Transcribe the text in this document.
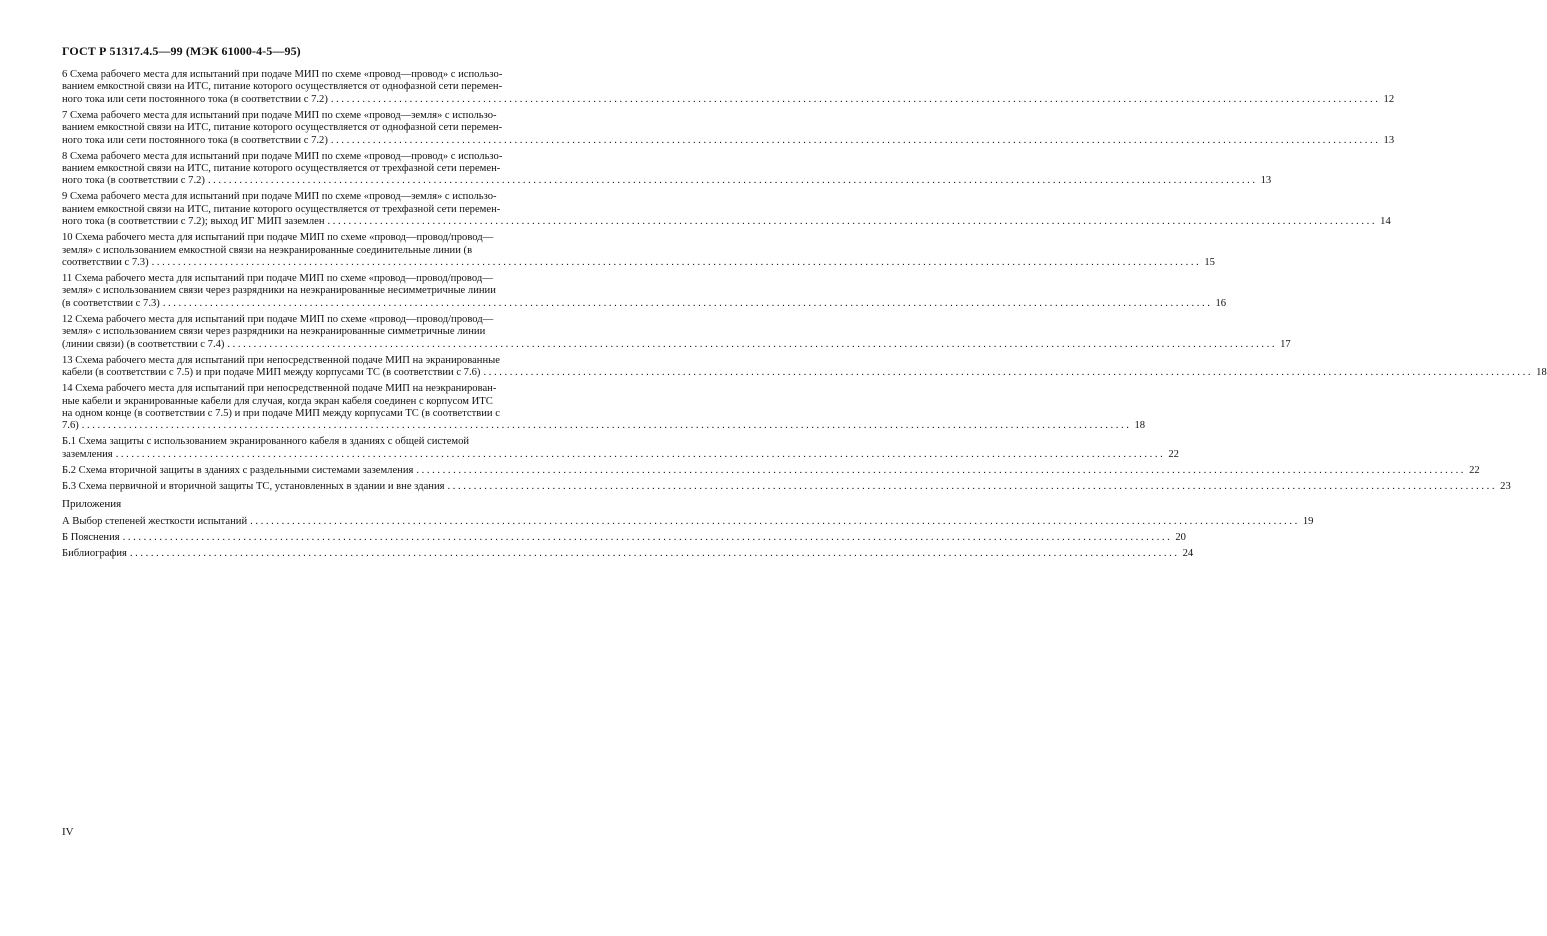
ГОСТ Р 51317.4.5—99 (МЭК 61000-4-5—95)
6 Схема рабочего места для испытаний при подаче МИП по схеме «провод—провод» с использо-
ванием емкостной связи на ИТС, питание которого осуществляется от однофазной сети перемен-
ного тока или сети постоянного тока (в соответствии с 7.2) ........................................................................................................................................................................................................ 12
7 Схема рабочего места для испытаний при подаче МИП по схеме «провод—земля» с использо-
ванием емкостной связи на ИТС, питание которого осуществляется от однофазной сети перемен-
ного тока или сети постоянного тока (в соответствии с 7.2) ........................................................................................................................................................................................................ 13
8 Схема рабочего места для испытаний при подаче МИП по схеме «провод—провод» с использо-
ванием емкостной связи на ИТС, питание которого осуществляется от трехфазной сети перемен-
ного тока (в соответствии с 7.2) ........................................................................................................................................................................................................ 13
9 Схема рабочего места для испытаний при подаче МИП по схеме «провод—земля» с использо-
ванием емкостной связи на ИТС, питание которого осуществляется от трехфазной сети перемен-
ного тока (в соответствии с 7.2); выход ИГ МИП заземлен ........................................................................................................................................................................................................ 14
10 Схема рабочего места для испытаний при подаче МИП по схеме «провод—провод/провод—
земля» с использованием емкостной связи на неэкранированные соединительные линии (в
соответствии с 7.3) ........................................................................................................................................................................................................ 15
11 Схема рабочего места для испытаний при подаче МИП по схеме «провод—провод/провод—
земля» с использованием связи через разрядники на неэкранированные несимметричные линии
(в соответствии с 7.3) ........................................................................................................................................................................................................ 16
12 Схема рабочего места для испытаний при подаче МИП по схеме «провод—провод/провод—
земля» с использованием связи через разрядники на неэкранированные симметричные линии
(линии связи) (в соответствии с 7.4) ........................................................................................................................................................................................................ 17
13 Схема рабочего места для испытаний при непосредственной подаче МИП на экранированные
кабели (в соответствии с 7.5) и при подаче МИП между корпусами ТС (в соответствии с 7.6) ........................................................................................................................................................................................................ 18
14 Схема рабочего места для испытаний при непосредственной подаче МИП на неэкранирован-
ные кабели и экранированные кабели для случая, когда экран кабеля соединен с корпусом ИТС
на одном конце (в соответствии с 7.5) и при подаче МИП между корпусами ТС (в соответствии с
7.6) ........................................................................................................................................................................................................ 18
Б.1 Схема защиты с использованием экранированного кабеля в зданиях с общей системой
заземления ........................................................................................................................................................................................................ 22
Б.2 Схема вторичной защиты в зданиях с раздельными системами заземления ........................................................................................................................................................................................................ 22
Б.3 Схема первичной и вторичной защиты ТС, установленных в здании и вне здания ........................................................................................................................................................................................................ 23
Приложения
А Выбор степеней жесткости испытаний ........................................................................................................................................................................................................ 19
Б Пояснения ........................................................................................................................................................................................................ 20
Библиография ........................................................................................................................................................................................................ 24
IV
